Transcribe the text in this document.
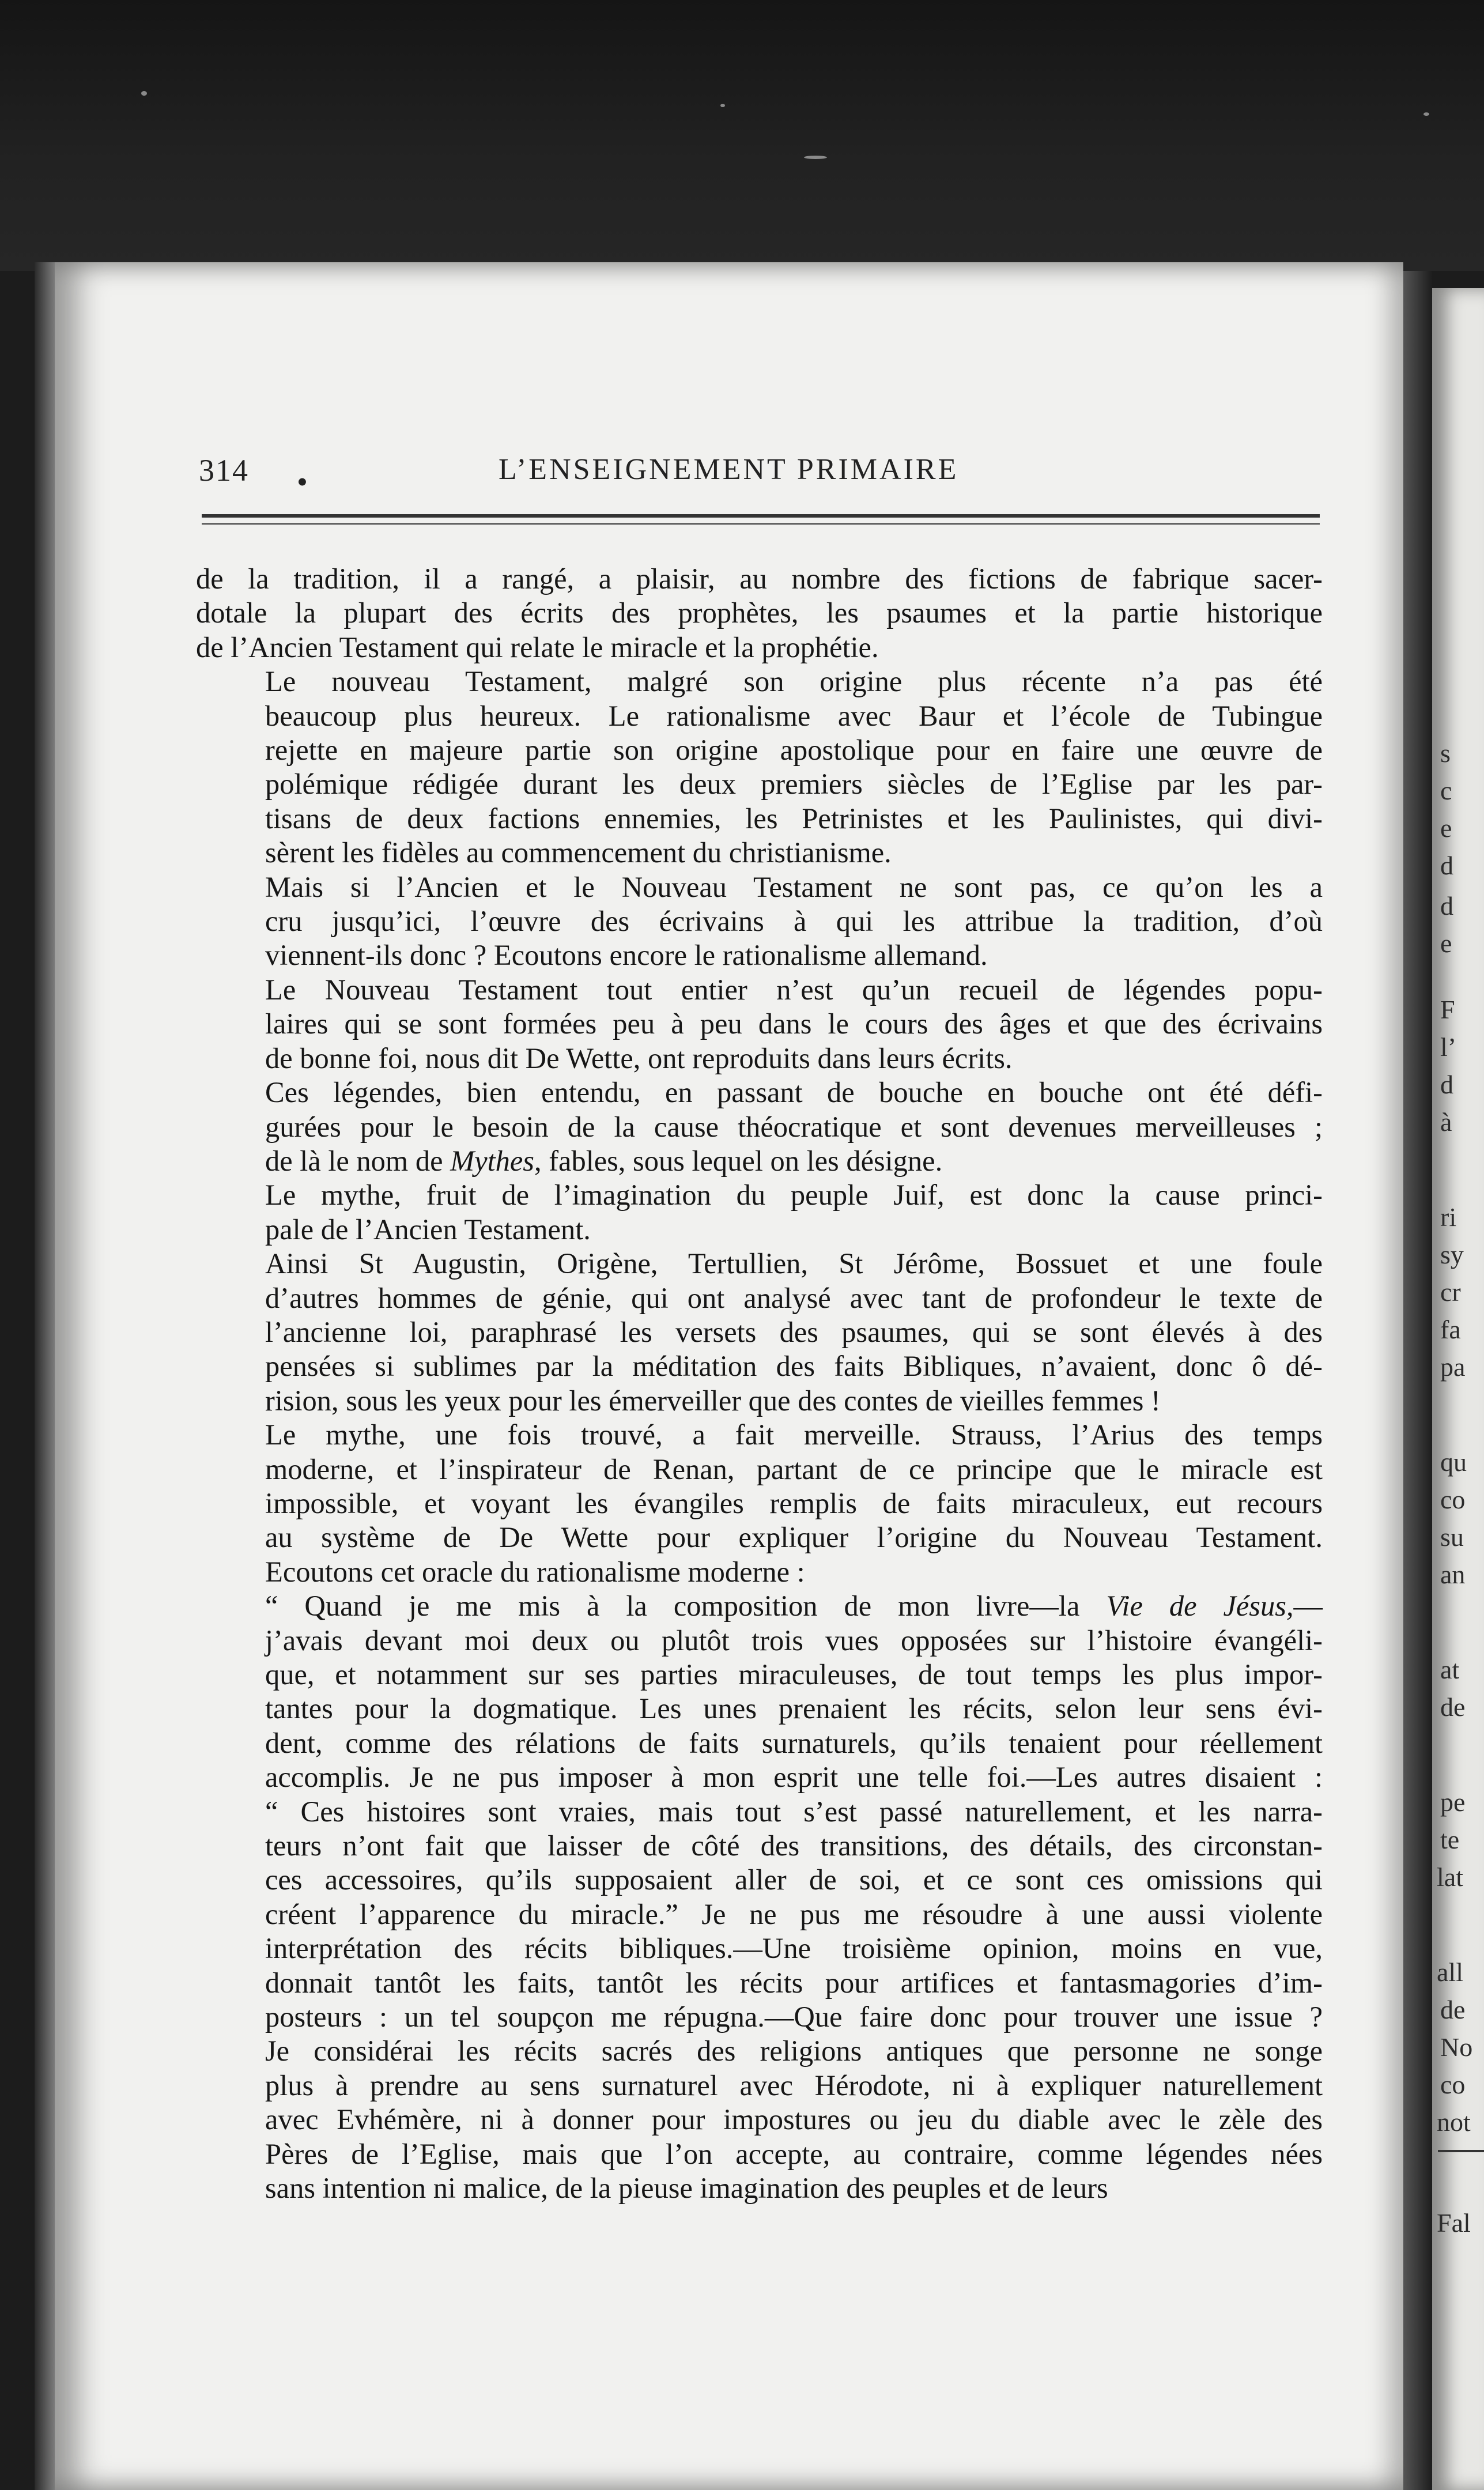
314 •	L’ENSEIGNEMENT PRIMAIRE

de la tradition, il a rangé, a plaisir, au nombre des fictions de fabrique sacer-
dotale la plupart des écrits des prophètes, les psaumes et la partie historique
de l’Ancien Testament qui relate le miracle et la prophétie.

Le nouveau Testament, malgré son origine plus récente n’a pas été
beaucoup plus heureux. Le rationalisme avec Baur et l’école de Tubingue
rejette en majeure partie son origine apostolique pour en faire une œuvre de
polémique rédigée durant les deux premiers siècles de l’Eglise par les par-
tisans de deux factions ennemies, les Petrinistes et les Paulinistes, qui divi-
sèrent les fidèles au commencement du christianisme.

Mais si l’Ancien et le Nouveau Testament ne sont pas, ce qu’on les a
cru jusqu’ici, l’œuvre des écrivains à qui les attribue la tradition, d’où
viennent-ils donc ? Ecoutons encore le rationalisme allemand.

Le Nouveau Testament tout entier n’est qu’un recueil de légendes popu-
laires qui se sont formées peu à peu dans le cours des âges et que des écrivains
de bonne foi, nous dit De Wette, ont reproduits dans leurs écrits.

Ces légendes, bien entendu, en passant de bouche en bouche ont été défi-
gurées pour le besoin de la cause théocratique et sont devenues merveilleuses ;
de là le nom de Mythes, fables, sous lequel on les désigne.

Le mythe, fruit de l’imagination du peuple Juif, est donc la cause princi-
pale de l’Ancien Testament.

Ainsi St Augustin, Origène, Tertullien, St Jérôme, Bossuet et une foule
d’autres hommes de génie, qui ont analysé avec tant de profondeur le texte de
l’ancienne loi, paraphrasé les versets des psaumes, qui se sont élevés à des
pensées si sublimes par la méditation des faits Bibliques, n’avaient, donc ô dé-
rision, sous les yeux pour les émerveiller que des contes de vieilles femmes !

Le mythe, une fois trouvé, a fait merveille. Strauss, l’Arius des temps
moderne, et l’inspirateur de Renan, partant de ce principe que le miracle est
impossible, et voyant les évangiles remplis de faits miraculeux, eut recours
au système de De Wette pour expliquer l’origine du Nouveau Testament.
Ecoutons cet oracle du rationalisme moderne :

“ Quand je me mis à la composition de mon livre—la Vie de Jésus,—
j’avais devant moi deux ou plutôt trois vues opposées sur l’histoire évangéli-
que, et notamment sur ses parties miraculeuses, de tout temps les plus impor-
tantes pour la dogmatique. Les unes prenaient les récits, selon leur sens évi-
dent, comme des rélations de faits surnaturels, qu’ils tenaient pour réellement
accomplis. Je ne pus imposer à mon esprit une telle foi.—Les autres disaient :
“ Ces histoires sont vraies, mais tout s’est passé naturellement, et les narra-
teurs n’ont fait que laisser de côté des transitions, des détails, des circonstan-
ces accessoires, qu’ils supposaient aller de soi, et ce sont ces omissions qui
créent l’apparence du miracle.” Je ne pus me résoudre à une aussi violente
interprétation des récits bibliques.—Une troisième opinion, moins en vue,
donnait tantôt les faits, tantôt les récits pour artifices et fantasmagories d’im-
posteurs : un tel soupçon me répugna.—Que faire donc pour trouver une issue ?
Je considérai les récits sacrés des religions antiques que personne ne songe
plus à prendre au sens surnaturel avec Hérodote, ni à expliquer naturellement
avec Evhémère, ni à donner pour impostures ou jeu du diable avec le zèle des
Pères de l’Eglise, mais que l’on accepte, au contraire, comme légendes nées
sans intention ni malice, de la pieuse imagination des peuples et de leurs

s
c
e
d
d
e
F
l’
d
à
ri
sy
cr
fa
pa
qu
co
su
an
at
de
pe
te
lat
all
de
No
co
not
Fal
